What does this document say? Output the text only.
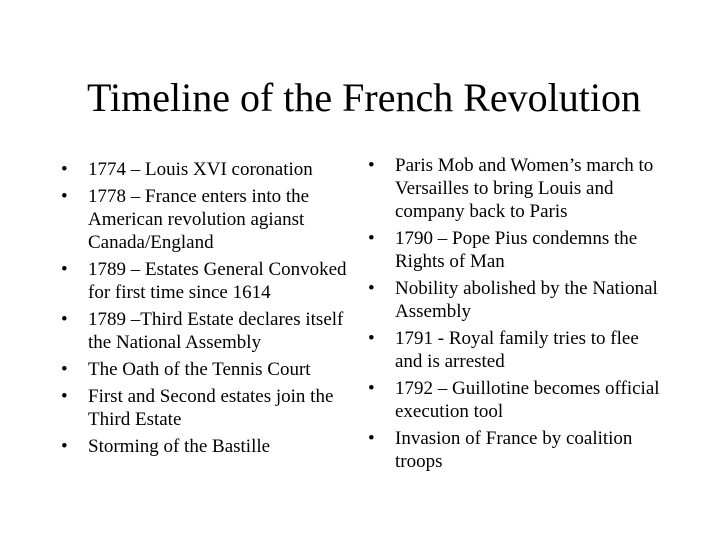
Timeline of the French Revolution
• 1774 – Louis XVI coronation
• 1778 – France enters into the American revolution agianst Canada/England
• 1789 – Estates General Convoked for first time since 1614
• 1789 –Third Estate declares itself the National Assembly
• The Oath of the Tennis Court
• First and Second estates join the Third Estate
• Storming of the Bastille
• Paris Mob and Women’s march to Versailles to bring Louis and company back to Paris
• 1790 – Pope Pius condemns the Rights of Man
• Nobility abolished by the National Assembly
• 1791 - Royal family tries to flee and is arrested
• 1792 – Guillotine becomes official execution tool
• Invasion of France by coalition troops
